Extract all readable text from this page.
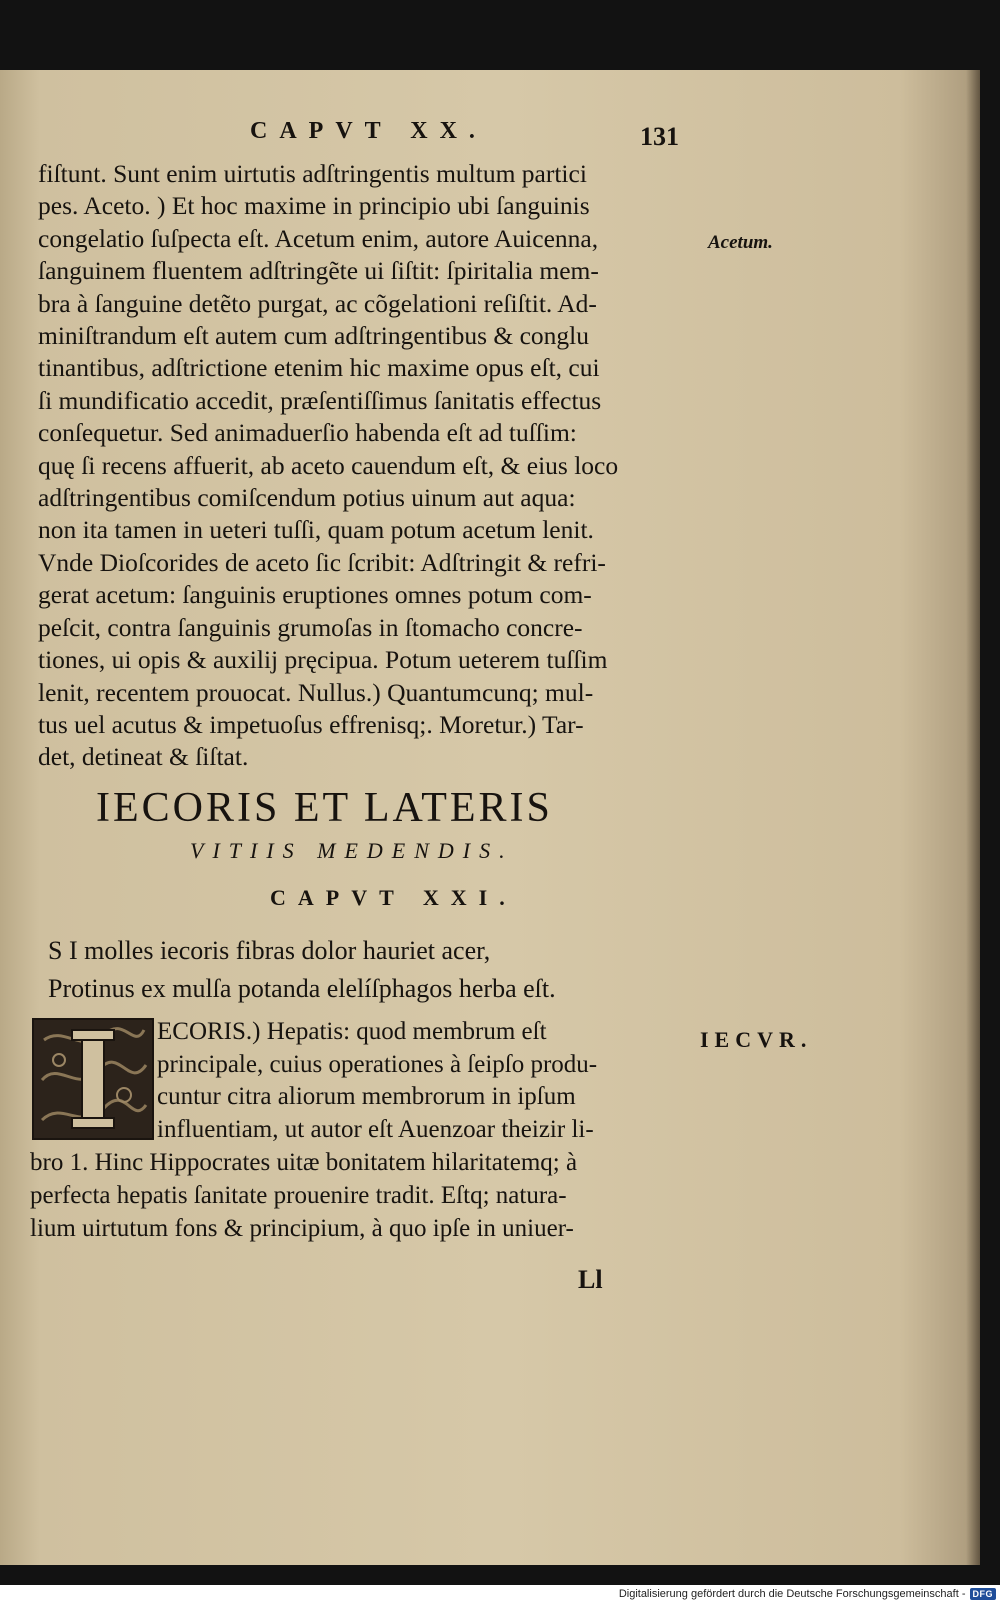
CAPVT XX.	131
fiſtunt. Sunt enim uirtutis adſtringentis multum partici
pes. Aceto. ) Et hoc maxime in principio ubi ſanguinis
congelatio ſuſpecta eſt. Acetum enim, autore Auicenna,
ſanguinem fluentem adſtringẽte ui ſiſtit: ſpiritalia mem-
bra à ſanguine detẽto purgat, ac cõgelationi reſiſtit. Ad-
miniſtrandum eſt autem cum adſtringentibus & conglu
tinantibus, adſtrictione etenim hic maxime opus eſt, cui
ſi mundificatio accedit, præſentiſſimus ſanitatis effectus
conſequetur. Sed animaduerſio habenda eſt ad tuſſim:
quę ſi recens affuerit, ab aceto cauendum eſt, & eius loco
adſtringentibus comiſcendum potius uinum aut aqua:
non ita tamen in ueteri tuſſi, quam potum acetum lenit.
Vnde Dioſcorides de aceto ſic ſcribit: Adſtringit & refri-
gerat acetum: ſanguinis eruptiones omnes potum com-
peſcit, contra ſanguinis grumoſas in ſtomacho concre-
tiones, ui opis & auxilij pręcipua. Potum ueterem tuſſim
lenit, recentem prouocat. Nullus.) Quantumcunq; mul-
tus uel acutus & impetuoſus effrenisq;. Moretur.) Tar-
det, detineat & ſiſtat.
Acetum.
IECORIS ET LATERIS
VITIIS MEDENDIS.
CAPVT XXI.
S I molles iecoris fibras dolor hauriet acer,
Protinus ex mulſa potanda elelíſphagos herba eſt.
ECORIS.) Hepatis: quod membrum eſt
principale, cuius operationes à ſeipſo produ-
cuntur citra aliorum membrorum in ipſum
influentiam, ut autor eſt Auenzoar theizir li-
IECVR.
bro 1. Hinc Hippocrates uitæ bonitatem hilaritatemq; à
perfecta hepatis ſanitate prouenire tradit. Eſtq; natura-
lium uirtutum fons & principium, à quo ipſe in uniuer-
Ll
Digitalisierung gefördert durch die Deutsche Forschungsgemeinschaft - DFG
